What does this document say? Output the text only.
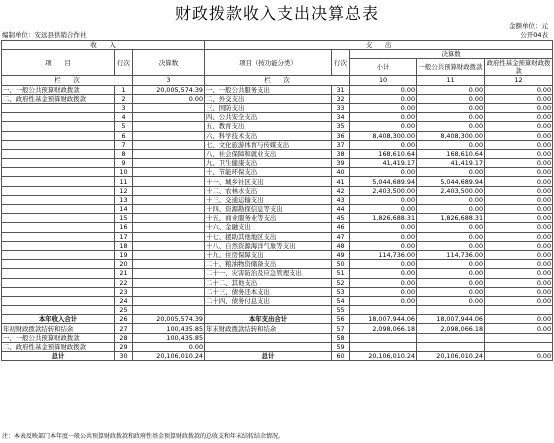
财政拨款收入支出决算总表
金额单位：元
编制单位：安远县供销合作社	公开04表
收　　入			支　　出				
项　　目	行次	决算数	项目（按功能分类）	行次	决算数		
					小计	一般公共预算财政拨款	政府性基金预算财政拨款

栏　　次		3	栏　　次		10	11	12
一、一般公共预算财政拨款	1	20,005,574.39	一、一般公共服务支出	31	0.00	0.00	0.00
二、政府性基金预算财政拨款	2	0.00	二、外交支出	32	0.00	0.00	0.00
	3		三、国防支出	33	0.00	0.00	0.00
	4		四、公共安全支出	34	0.00	0.00	0.00
	5		五、教育支出	35	0.00	0.00	0.00
	6		六、科学技术支出	36	8,408,300.00	8,408,300.00	0.00
	7		七、文化旅游体育与传媒支出	37	0.00	0.00	0.00
	8		八、社会保障和就业支出	38	168,610.64	168,610.64	0.00
	9		九、卫生健康支出	39	41,419.17	41,419.17	0.00
	10		十、节能环保支出	40	0.00	0.00	0.00
	11		十一、城乡社区支出	41	5,044,689.94	5,044,689.94	0.00
	12		十二、农林水支出	42	2,403,500.00	2,403,500.00	0.00
	13		十三、交通运输支出	43	0.00	0.00	0.00
	14		十四、资源勘探信息等支出	44	0.00	0.00	0.00
	15		十五、商业服务业等支出	45	1,826,688.31	1,826,688.31	0.00
	16		十六、金融支出	46	0.00	0.00	0.00
	17		十七、援助其他地区支出	47	0.00	0.00	0.00
	18		十八、自然资源海洋气象等支出	48	0.00	0.00	0.00
	19		十九、住房保障支出	49	114,736.00	114,736.00	0.00
	20		二十、粮油物资储备支出	50	0.00	0.00	0.00
	21		二十一、灾害防治及应急管理支出	51	0.00	0.00	0.00
	22		二十二、其他支出	52	0.00	0.00	0.00
	23		二十三、债务还本支出	53	0.00	0.00	0.00
	24		二十四、债务付息支出	54	0.00	0.00	0.00
	25			55			
本年收入合计	26	20,005,574.39	本年支出合计	56	18,007,944.06	18,007,944.06	0.00
年初财政拨款结转和结余	27	100,435.85	年末财政拨款结转和结余	57	2,098,066.18	2,098,066.18	0.00
一、一般公共预算财政拨款	28	100,435.85		58			
二、政府性基金预算财政拨款	29	0.00		59			
总计	30	20,106,010.24	总计	60	20,106,010.24	20,106,010.24	0.00
注：本表反映部门本年度一般公共预算财政拨款和政府性基金预算财政拨款的总收支和年末结转结余情况。
